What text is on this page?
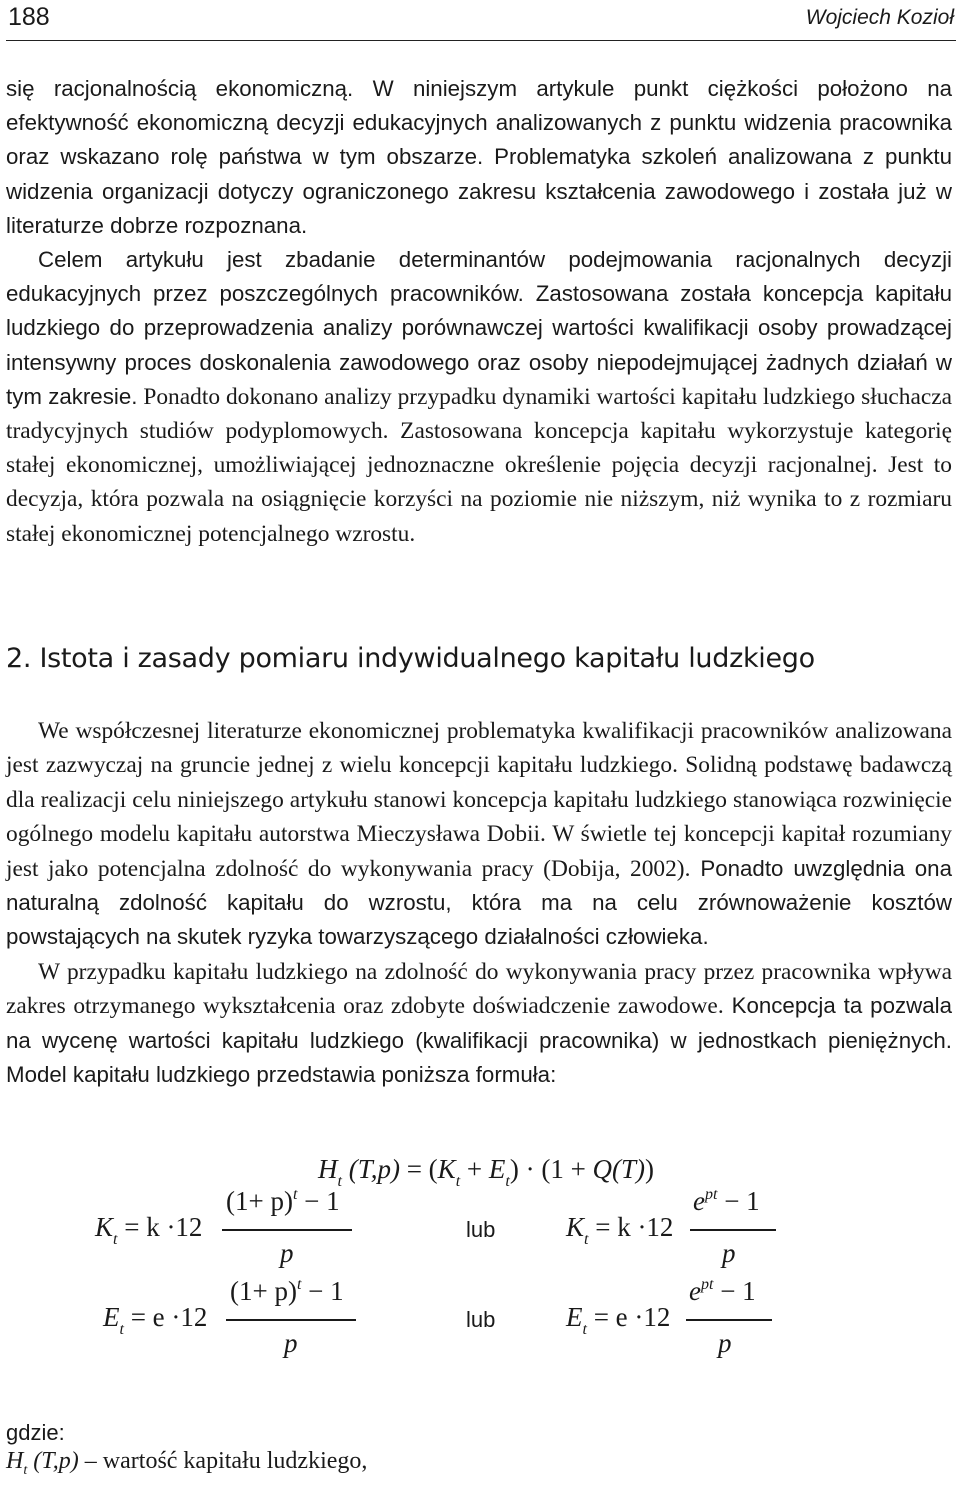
188	Wojciech Kozioł

się racjonalnością ekonomiczną. W niniejszym artykule punkt ciężkości położono na efektywność ekonomiczną decyzji edukacyjnych analizowanych z punktu widzenia pracownika oraz wskazano rolę państwa w tym obszarze. Problematyka szkoleń analizowana z punktu widzenia organizacji dotyczy ograniczonego zakresu kształcenia zawodowego i została już w literaturze dobrze rozpoznana.

Celem artykułu jest zbadanie determinantów podejmowania racjonalnych decyzji edukacyjnych przez poszczególnych pracowników. Zastosowana została koncepcja kapitału ludzkiego do przeprowadzenia analizy porównawczej wartości kwalifikacji osoby prowadzącej intensywny proces doskonalenia zawodowego oraz osoby niepodejmującej żadnych działań w tym zakresie. Ponadto dokonano analizy przypadku dynamiki wartości kapitału ludzkiego słuchacza tradycyjnych studiów podyplomowych. Zastosowana koncepcja kapitału wykorzystuje kategorię stałej ekonomicznej, umożliwiającej jednoznaczne określenie pojęcia decyzji racjonalnej. Jest to decyzja, która pozwala na osiągnięcie korzyści na poziomie nie niższym, niż wynika to z rozmiaru stałej ekonomicznej potencjalnego wzrostu.

2. Istota i zasady pomiaru indywidualnego kapitału ludzkiego

We współczesnej literaturze ekonomicznej problematyka kwalifikacji pracowników analizowana jest zazwyczaj na gruncie jednej z wielu koncepcji kapitału ludzkiego. Solidną podstawę badawczą dla realizacji celu niniejszego artykułu stanowi koncepcja kapitału ludzkiego stanowiąca rozwinięcie ogólnego modelu kapitału autorstwa Mieczysława Dobii. W świetle tej koncepcji kapitał rozumiany jest jako potencjalna zdolność do wykonywania pracy (Dobija, 2002). Ponadto uwzględnia ona naturalną zdolność kapitału do wzrostu, która ma na celu zrównoważenie kosztów powstających na skutek ryzyka towarzyszącego działalności człowieka.

W przypadku kapitału ludzkiego na zdolność do wykonywania pracy przez pracownika wpływa zakres otrzymanego wykształcenia oraz zdobyte doświadczenie zawodowe. Koncepcja ta pozwala na wycenę wartości kapitału ludzkiego (kwalifikacji pracownika) w jednostkach pieniężnych. Model kapitału ludzkiego przedstawia poniższa formuła:

$H_t$ $(T,p) = (K_t + E_t) \cdot (1 + Q(T))$
$K_t = k \cdot 12$
$(1+ p)^t - 1$
p
lub	$K_t = k \cdot 12$
$e^{pt} - 1$
p
$E_t = e \cdot 12$
$(1+ p)^t - 1$
p
lub	$E_t = e \cdot 12$
$e^{pt} - 1$
p
gdzie:
$H_t$ (T,p) – wartość kapitału ludzkiego,
